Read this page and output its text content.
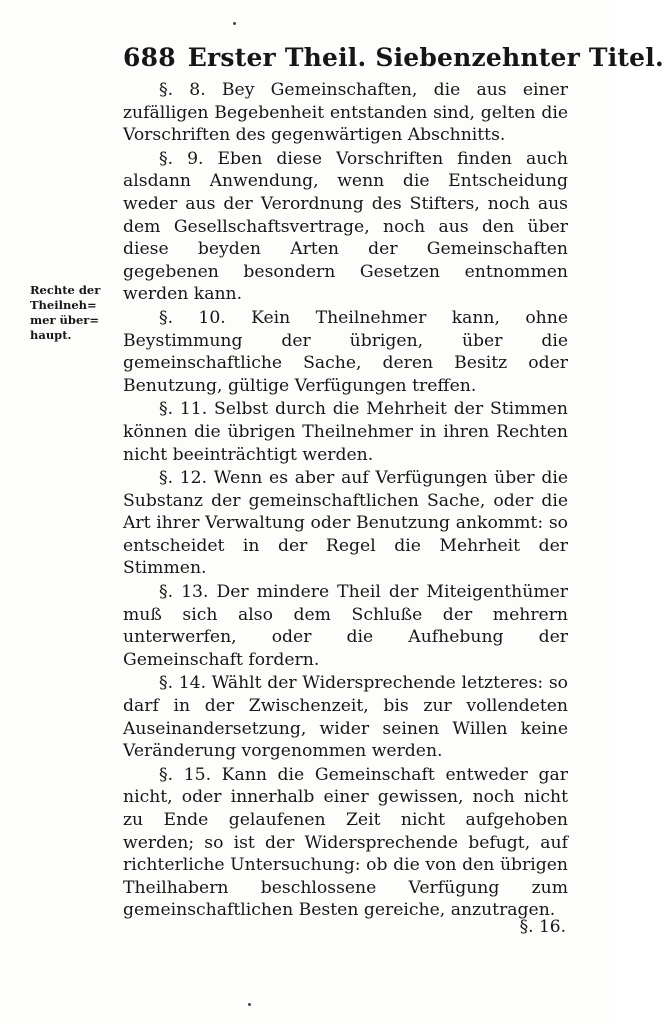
688 Erster Theil. Siebenzehnter Titel.
Rechte der
Theilneh=
mer über=
haupt.

§. 8. Bey Gemeinschaften, die aus einer zufälligen Begebenheit entstanden sind, gelten die Vorschriften des gegenwärtigen Abschnitts.

§. 9. Eben diese Vorschriften finden auch alsdann Anwendung, wenn die Entscheidung weder aus der Verordnung des Stifters, noch aus dem Gesellschaftsvertrage, noch aus den über diese beyden Arten der Gemeinschaften gegebenen besondern Gesetzen entnommen werden kann.

§. 10. Kein Theilnehmer kann, ohne Beystimmung der übrigen, über die gemeinschaftliche Sache, deren Besitz oder Benutzung, gültige Verfügungen treffen.

§. 11. Selbst durch die Mehrheit der Stimmen können die übrigen Theilnehmer in ihren Rechten nicht beeinträchtigt werden.

§. 12. Wenn es aber auf Verfügungen über die Substanz der gemeinschaftlichen Sache, oder die Art ihrer Verwaltung oder Benutzung ankommt: so entscheidet in der Regel die Mehrheit der Stimmen.

§. 13. Der mindere Theil der Miteigenthümer muß sich also dem Schluße der mehrern unterwerfen, oder die Aufhebung der Gemeinschaft fordern.

§. 14. Wählt der Widersprechende letzteres: so darf in der Zwischenzeit, bis zur vollendeten Auseinandersetzung, wider seinen Willen keine Veränderung vorgenommen werden.

§. 15. Kann die Gemeinschaft entweder gar nicht, oder innerhalb einer gewissen, noch nicht zu Ende gelaufenen Zeit nicht aufgehoben werden; so ist der Widersprechende befugt, auf richterliche Untersuchung: ob die von den übrigen Theilhabern beschlossene Verfügung zum gemeinschaftlichen Besten gereiche, anzutragen.

§. 16.
